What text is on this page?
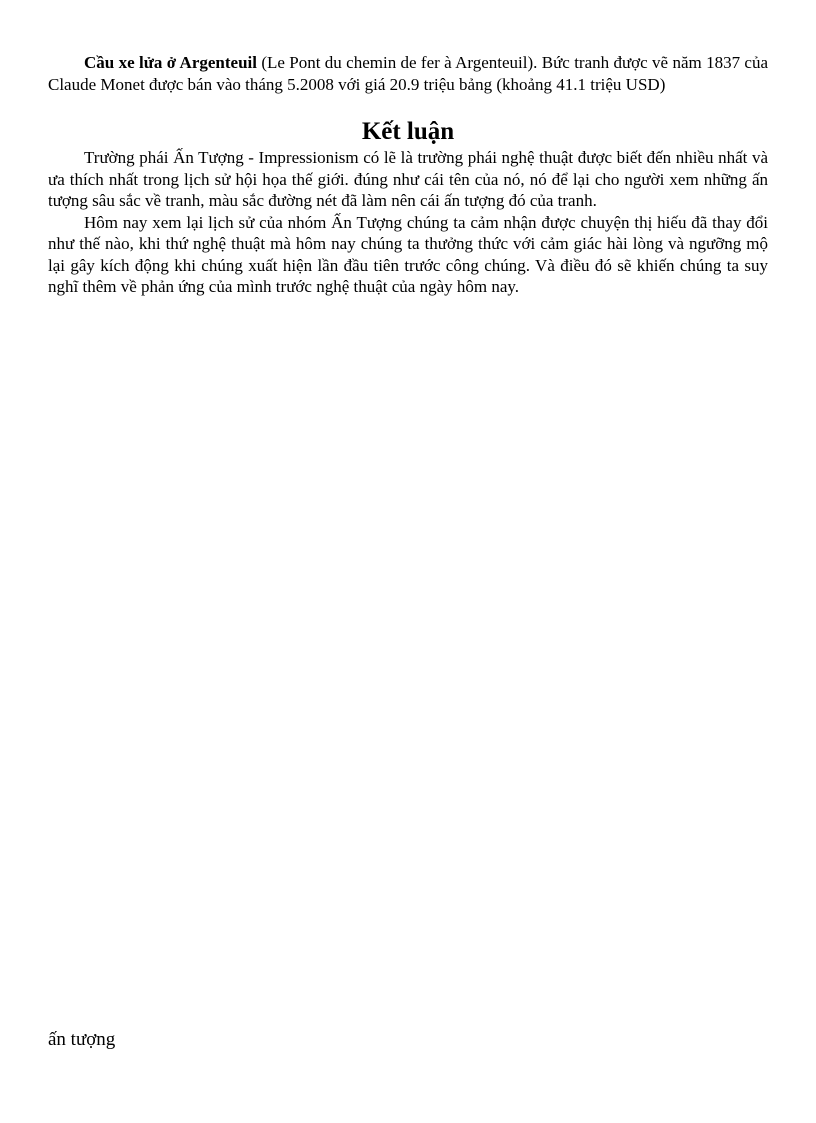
Cầu xe lửa ở Argenteuil (Le Pont du chemin de fer à Argenteuil). Bức tranh được vẽ năm 1837 của Claude Monet được bán vào tháng 5.2008 với giá 20.9 triệu bảng (khoảng 41.1 triệu USD)

Kết luận

Trường phái Ấn Tượng - Impressionism có lẽ là trường phái nghệ thuật được biết đến nhiều nhất và ưa thích nhất trong lịch sử hội họa thế giới. đúng như cái tên của nó, nó để lại cho người xem những ấn tượng sâu sắc về tranh, màu sắc đường nét đã làm nên cái ấn tượng đó của tranh.

Hôm nay xem lại lịch sử của nhóm Ấn Tượng chúng ta cảm nhận được chuyện thị hiếu đã thay đổi như thế nào, khi thứ nghệ thuật mà hôm nay chúng ta thưởng thức với cảm giác hài lòng và ngưỡng mộ lại gây kích động khi chúng xuất hiện lần đầu tiên trước công chúng. Và điều đó sẽ khiến chúng ta suy nghĩ thêm về phản ứng của mình trước nghệ thuật của ngày hôm nay.

ấn tượng
